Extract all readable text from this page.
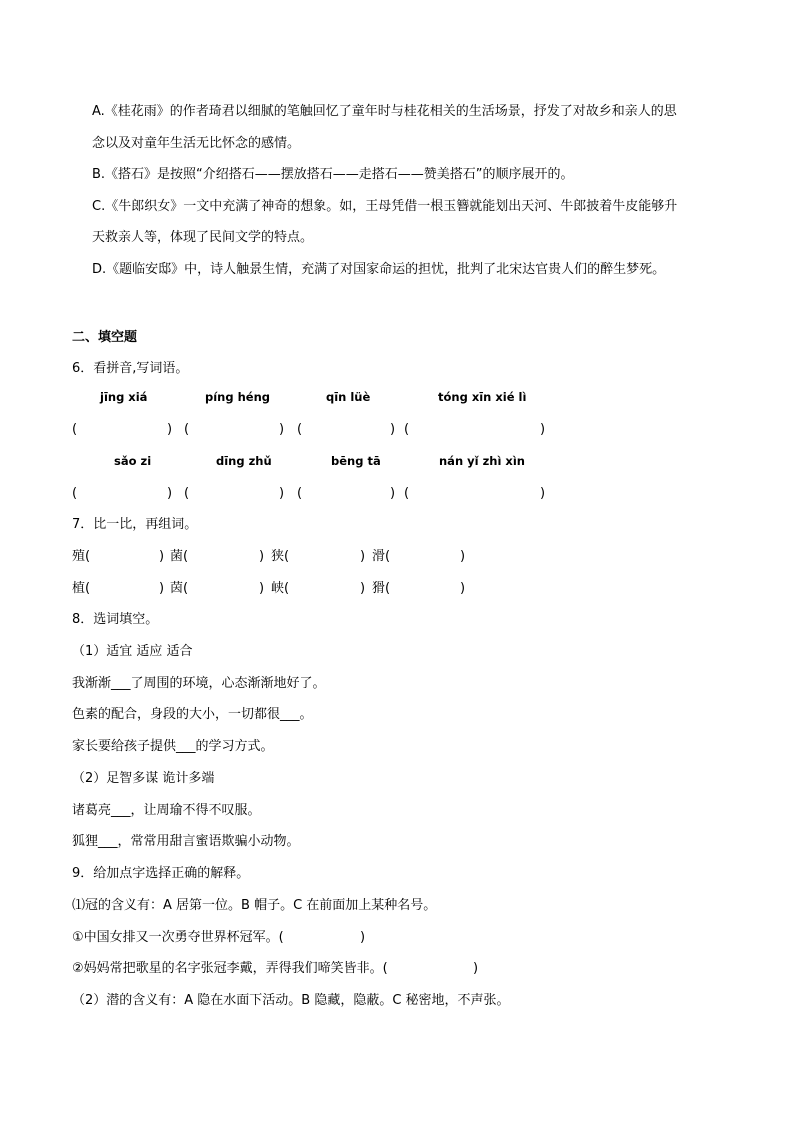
A.《桂花雨》的作者琦君以细腻的笔触回忆了童年时与桂花相关的生活场景，抒发了对故乡和亲人的思
念以及对童年生活无比怀念的感情。
B.《搭石》是按照“介绍搭石——摆放搭石——走搭石——赞美搭石”的顺序展开的。
C.《牛郎织女》一文中充满了神奇的想象。如，王母凭借一根玉簪就能划出天河、牛郎披着牛皮能够升
天救亲人等，体现了民间文学的特点。
D.《题临安邸》中，诗人触景生情，充满了对国家命运的担忧，批判了北宋达官贵人们的醉生梦死。
二、填空题
6．看拼音,写词语。
jīng xiá	píng héng	qīn lüè	tóng xīn xié lì
(	) (	) (	) (	)
sǎo zi	dīng zhǔ	bēng tā	nán yǐ zhì xìn
(	) (	) (	) (	)
7．比一比，再组词。
殖(	) 菌(	) 狭(	) 滑(	)
植(	) 茵(	) 峡(	) 猾(	)
8．选词填空。
（1）适宜 适应 适合
我渐渐___了周围的环境，心态渐渐地好了。
色素的配合，身段的大小，一切都很___。
家长要给孩子提供___的学习方式。
（2）足智多谋 诡计多端
诸葛亮___，让周瑜不得不叹服。
狐狸___，常常用甜言蜜语欺骗小动物。
9．给加点字选择正确的解释。
⑴冠的含义有：A 居第一位。B 帽子。C 在前面加上某种名号。
①中国女排又一次勇夺世界杯冠军。(	)
②妈妈常把歌星的名字张冠李戴，弄得我们啼笑皆非。(	)
（2）潜的含义有：A 隐在水面下活动。B 隐藏，隐蔽。C 秘密地，不声张。
